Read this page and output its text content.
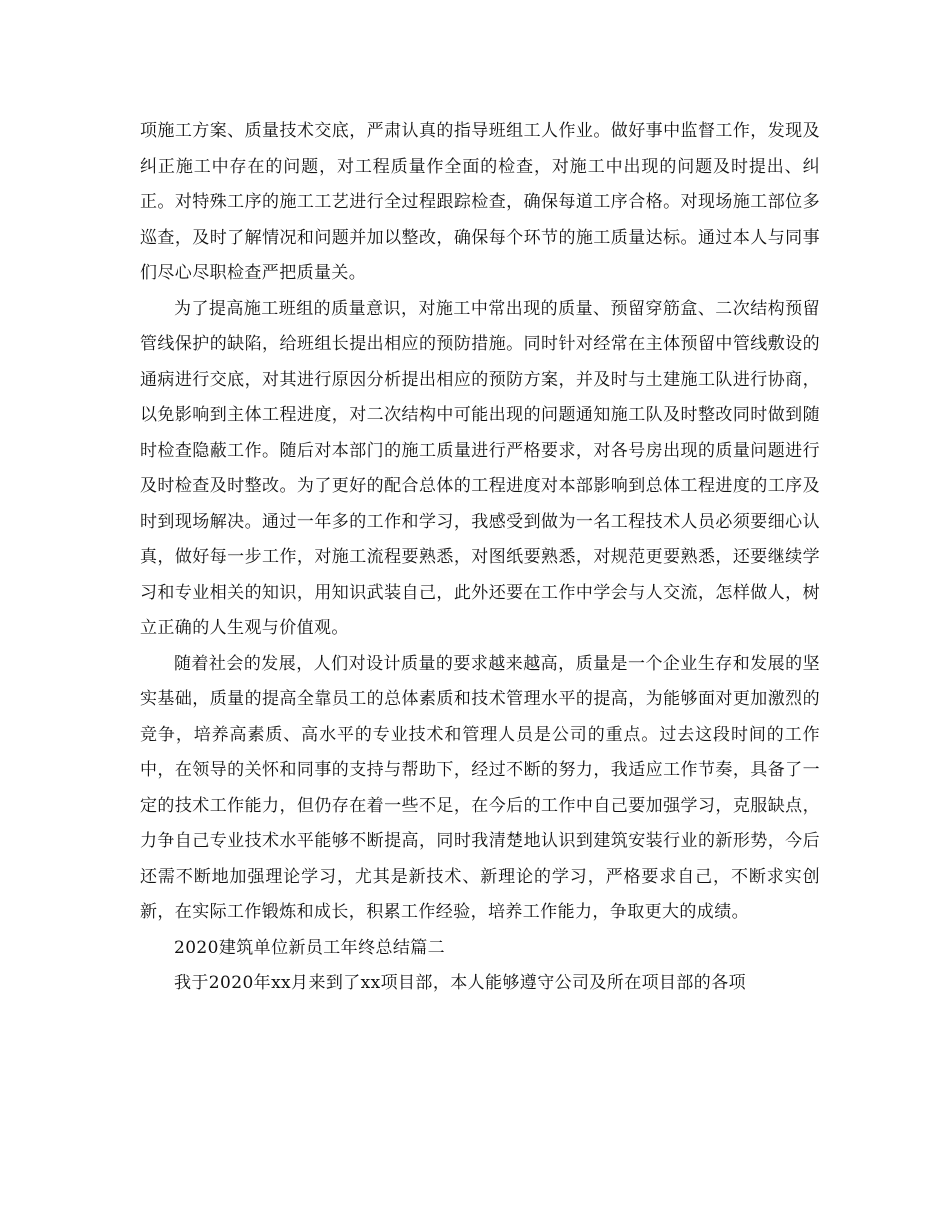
项施工方案、质量技术交底，严肃认真的指导班组工人作业。做好事中监督工作，发现及纠正施工中存在的问题，对工程质量作全面的检查，对施工中出现的问题及时提出、纠正。对特殊工序的施工工艺进行全过程跟踪检查，确保每道工序合格。对现场施工部位多巡查，及时了解情况和问题并加以整改，确保每个环节的施工质量达标。通过本人与同事们尽心尽职检查严把质量关。

为了提高施工班组的质量意识，对施工中常出现的质量、预留穿筋盒、二次结构预留管线保护的缺陷，给班组长提出相应的预防措施。同时针对经常在主体预留中管线敷设的通病进行交底，对其进行原因分析提出相应的预防方案，并及时与土建施工队进行协商，以免影响到主体工程进度，对二次结构中可能出现的问题通知施工队及时整改同时做到随时检查隐蔽工作。随后对本部门的施工质量进行严格要求，对各号房出现的质量问题进行及时检查及时整改。为了更好的配合总体的工程进度对本部影响到总体工程进度的工序及时到现场解决。通过一年多的工作和学习，我感受到做为一名工程技术人员必须要细心认真，做好每一步工作，对施工流程要熟悉，对图纸要熟悉，对规范更要熟悉，还要继续学习和专业相关的知识，用知识武装自己，此外还要在工作中学会与人交流，怎样做人，树立正确的人生观与价值观。

随着社会的发展，人们对设计质量的要求越来越高，质量是一个企业生存和发展的坚实基础，质量的提高全靠员工的总体素质和技术管理水平的提高，为能够面对更加激烈的竞争，培养高素质、高水平的专业技术和管理人员是公司的重点。过去这段时间的工作中，在领导的关怀和同事的支持与帮助下，经过不断的努力，我适应工作节奏，具备了一定的技术工作能力，但仍存在着一些不足，在今后的工作中自己要加强学习，克服缺点，力争自己专业技术水平能够不断提高，同时我清楚地认识到建筑安装行业的新形势，今后还需不断地加强理论学习，尤其是新技术、新理论的学习，严格要求自己，不断求实创新，在实际工作锻炼和成长，积累工作经验，培养工作能力，争取更大的成绩。

2020建筑单位新员工年终总结篇二

我于2020年xx月来到了xx项目部，本人能够遵守公司及所在项目部的各项
